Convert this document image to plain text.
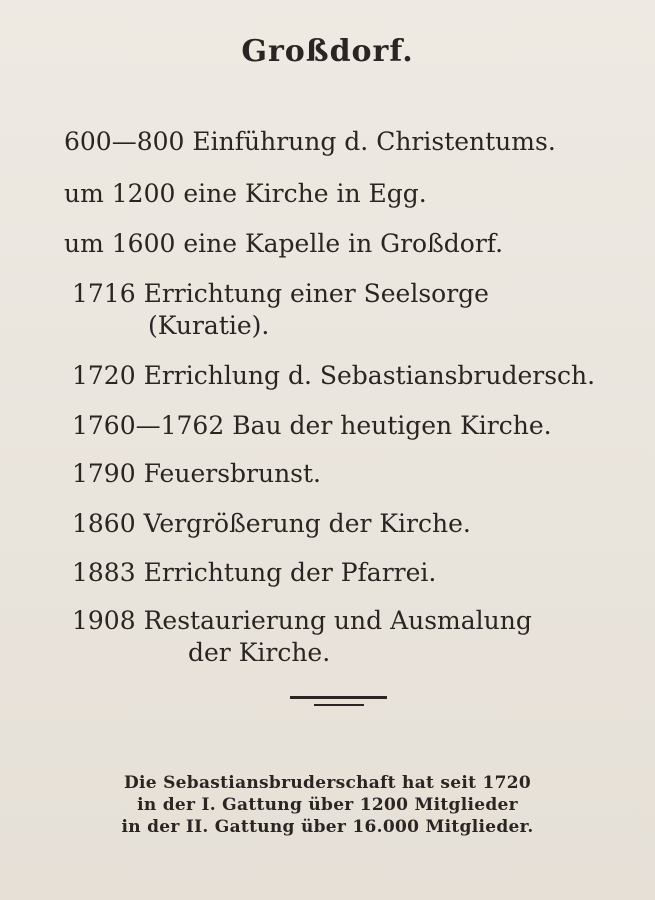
Großdorf.
600—800 Einführung d. Christentums.
um 1200 eine Kirche in Egg.
um 1600 eine Kapelle in Großdorf.
1716 Errichtung einer Seelsorge
(Kuratie).
1720 Errichlung d. Sebastiansbrudersch.
1760—1762 Bau der heutigen Kirche.
1790 Feuersbrunst.
1860 Vergrößerung der Kirche.
1883 Errichtung der Pfarrei.
1908 Restaurierung und Ausmalung
der Kirche.
Die Sebastiansbruderschaft hat seit 1720
in der I. Gattung über 1200 Mitglieder
in der II. Gattung über 16.000 Mitglieder.
